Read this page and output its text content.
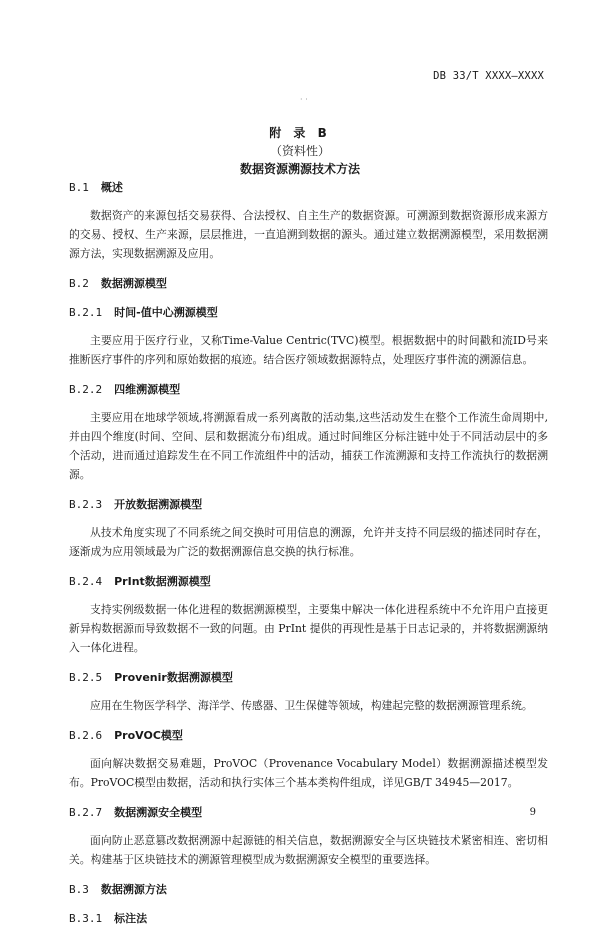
DB 33/T XXXX—XXXX
· ·
附 录 B
（资料性）
数据资源溯源技术方法

B.1 概述

数据资产的来源包括交易获得、合法授权、自主生产的数据资源。可溯源到数据资源形成来源方的交易、授权、生产来源，层层推进，一直追溯到数据的源头。通过建立数据溯源模型，采用数据溯源方法，实现数据溯源及应用。

B.2 数据溯源模型

B.2.1 时间-值中心溯源模型

主要应用于医疗行业，又称Time-Value Centric(TVC)模型。根据数据中的时间戳和流ID号来推断医疗事件的序列和原始数据的痕迹。结合医疗领域数据源特点，处理医疗事件流的溯源信息。

B.2.2 四维溯源模型

主要应用在地球学领域,将溯源看成一系列离散的活动集,这些活动发生在整个工作流生命周期中,并由四个维度(时间、空间、层和数据流分布)组成。通过时间维区分标注链中处于不同活动层中的多个活动，进而通过追踪发生在不同工作流组件中的活动，捕获工作流溯源和支持工作流执行的数据溯源。

B.2.3 开放数据溯源模型

从技术角度实现了不同系统之间交换时可用信息的溯源，允许并支持不同层级的描述同时存在，逐渐成为应用领域最为广泛的数据溯源信息交换的执行标准。

B.2.4 PrInt数据溯源模型

支持实例级数据一体化进程的数据溯源模型，主要集中解决一体化进程系统中不允许用户直接更新异构数据源而导致数据不一致的问题。由 PrInt 提供的再现性是基于日志记录的，并将数据溯源纳入一体化进程。

B.2.5 Provenir数据溯源模型

应用在生物医学科学、海洋学、传感器、卫生保健等领域，构建起完整的数据溯源管理系统。

B.2.6 ProVOC模型

面向解决数据交易难题，ProVOC（Provenance Vocabulary Model）数据溯源描述模型发布。ProVOC模型由数据，活动和执行实体三个基本类构件组成，详见GB/T 34945—2017。

B.2.7 数据溯源安全模型

面向防止恶意篡改数据溯源中起源链的相关信息，数据溯源安全与区块链技术紧密相连、密切相关。构建基于区块链技术的溯源管理模型成为数据溯源安全模型的重要选择。

B.3 数据溯源方法

B.3.1 标注法

9
